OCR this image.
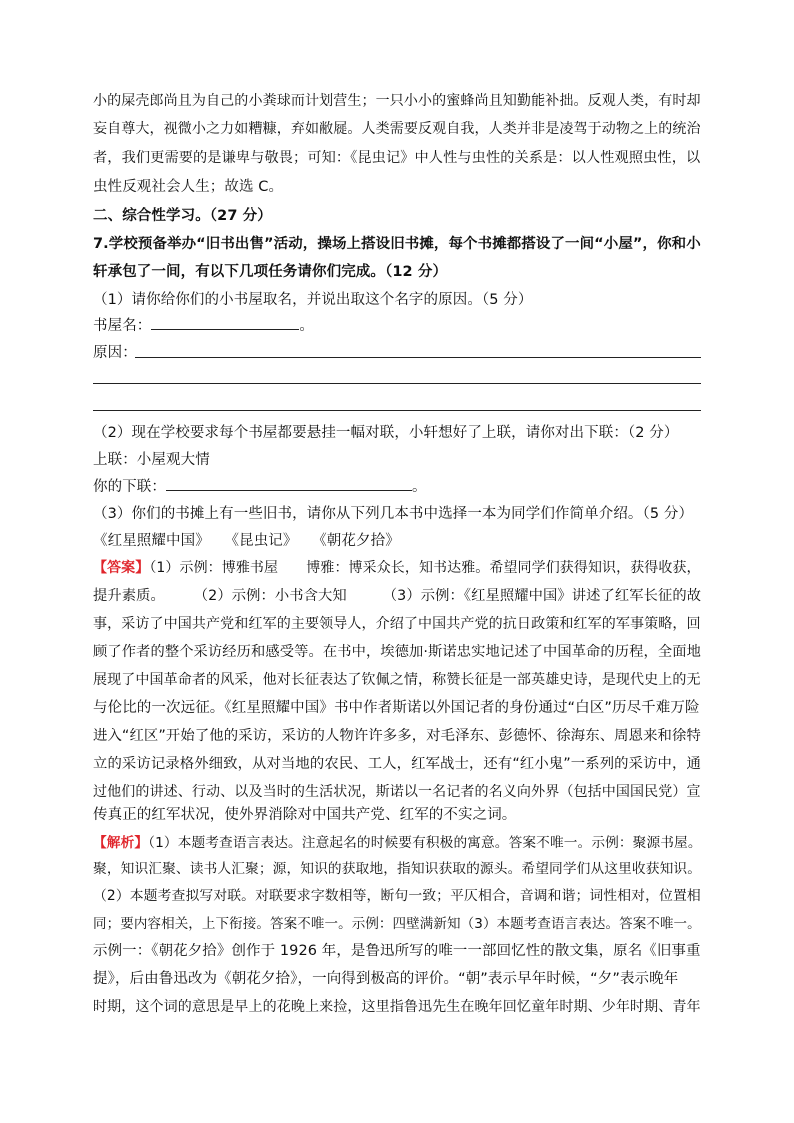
小的屎壳郎尚且为自己的小粪球而计划营生；一只小小的蜜蜂尚且知勤能补拙。反观人类，有时却
妄自尊大，视微小之力如糟糠，弃如敝屣。人类需要反观自我，人类并非是凌驾于动物之上的统治
者，我们更需要的是谦卑与敬畏；可知：《昆虫记》中人性与虫性的关系是：以人性观照虫性，以
虫性反观社会人生；故选 C。
二、综合性学习。（27 分）
7.学校预备举办“旧书出售”活动，操场上搭设旧书摊，每个书摊都搭设了一间“小屋”，你和小
轩承包了一间，有以下几项任务请你们完成。（12 分）
（1）请你给你们的小书屋取名，并说出取这个名字的原因。（5 分）
书屋名：	。
原因：
（2）现在学校要求每个书屋都要悬挂一幅对联，小轩想好了上联，请你对出下联：（2 分）
上联：小屋观大情
你的下联：	。
（3）你们的书摊上有一些旧书，请你从下列几本书中选择一本为同学们作简单介绍。（5 分）
《红星照耀中国》　　《昆虫记》　　《朝花夕拾》
【答案】（1）示例：博雅书屋　　博雅：博采众长，知书达雅。希望同学们获得知识，获得收获，
提升素质。　　　（2）示例：小书含大知　　　（3）示例：《红星照耀中国》讲述了红军长征的故
事，采访了中国共产党和红军的主要领导人，介绍了中国共产党的抗日政策和红军的军事策略，回
顾了作者的整个采访经历和感受等。在书中，埃德加·斯诺忠实地记述了中国革命的历程，全面地
展现了中国革命者的风采，他对长征表达了钦佩之情，称赞长征是一部英雄史诗，是现代史上的无
与伦比的一次远征。《红星照耀中国》书中作者斯诺以外国记者的身份通过“白区”历尽千难万险
进入“红区”开始了他的采访，采访的人物许许多多，对毛泽东、彭德怀、徐海东、周恩来和徐特
立的采访记录格外细致，从对当地的农民、工人，红军战士，还有“红小鬼”一系列的采访中，通
过他们的讲述、行动、以及当时的生活状况，斯诺以一名记者的名义向外界（包括中国国民党）宣
传真正的红军状况，使外界消除对中国共产党、红军的不实之词。
【解析】（1）本题考查语言表达。注意起名的时候要有积极的寓意。答案不唯一。示例：聚源书屋。
聚，知识汇聚、读书人汇聚；源，知识的获取地，指知识获取的源头。希望同学们从这里收获知识。
（2）本题考查拟写对联。对联要求字数相等，断句一致；平仄相合，音调和谐；词性相对，位置相
同；要内容相关，上下衔接。答案不唯一。示例：四壁满新知（3）本题考查语言表达。答案不唯一。
示例一：《朝花夕拾》创作于 1926 年，是鲁迅所写的唯一一部回忆性的散文集，原名《旧事重
提》，后由鲁迅改为《朝花夕拾》，一向得到极高的评价。“朝”表示早年时候，“夕”表示晚年
时期，这个词的意思是早上的花晚上来捡，这里指鲁迅先生在晚年回忆童年时期、少年时期、青年
